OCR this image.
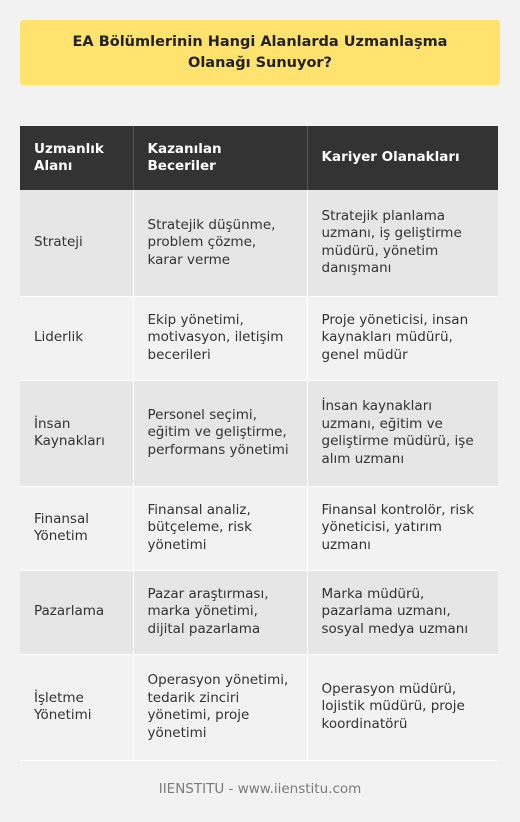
EA Bölümlerinin Hangi Alanlarda Uzmanlaşma Olanağı Sunuyor?
Uzmanlık Alanı	Kazanılan Beceriler	Kariyer Olanakları
Strateji	Stratejik düşünme, problem çözme, karar verme	Stratejik planlama uzmanı, iş geliştirme müdürü, yönetim danışmanı
Liderlik	Ekip yönetimi, motivasyon, iletişim becerileri	Proje yöneticisi, insan kaynakları müdürü, genel müdür
İnsan Kaynakları	Personel seçimi, eğitim ve geliştirme, performans yönetimi	İnsan kaynakları uzmanı, eğitim ve geliştirme müdürü, işe alım uzmanı
Finansal Yönetim	Finansal analiz, bütçeleme, risk yönetimi	Finansal kontrolör, risk yöneticisi, yatırım uzmanı
Pazarlama	Pazar araştırması, marka yönetimi, dijital pazarlama	Marka müdürü, pazarlama uzmanı, sosyal medya uzmanı
İşletme Yönetimi	Operasyon yönetimi, tedarik zinciri yönetimi, proje yönetimi	Operasyon müdürü, lojistik müdürü, proje koordinatörü
IIENSTITU - www.iienstitu.com
